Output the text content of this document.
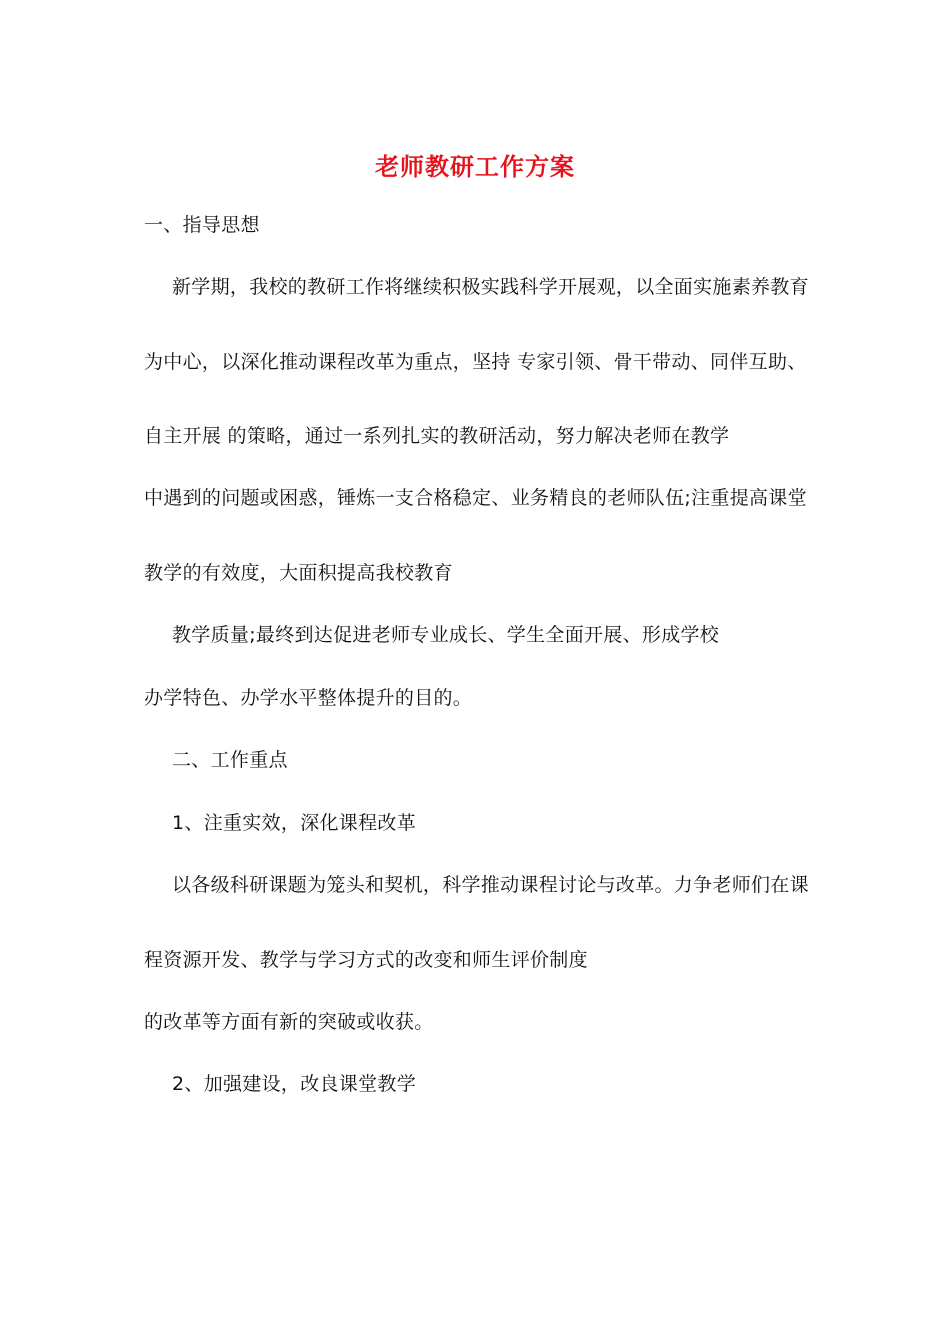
老师教研工作方案
一、指导思想
新学期，我校的教研工作将继续积极实践科学开展观，以全面实施素养教育
为中心，以深化推动课程改革为重点，坚持 专家引领、骨干带动、同伴互助、
自主开展 的策略，通过一系列扎实的教研活动，努力解决老师在教学
中遇到的问题或困惑，锤炼一支合格稳定、业务精良的老师队伍;注重提高课堂
教学的有效度，大面积提高我校教育
教学质量;最终到达促进老师专业成长、学生全面开展、形成学校
办学特色、办学水平整体提升的目的。
二、工作重点
1、注重实效，深化课程改革
以各级科研课题为笼头和契机，科学推动课程讨论与改革。力争老师们在课
程资源开发、教学与学习方式的改变和师生评价制度
的改革等方面有新的突破或收获。
2、加强建设，改良课堂教学
